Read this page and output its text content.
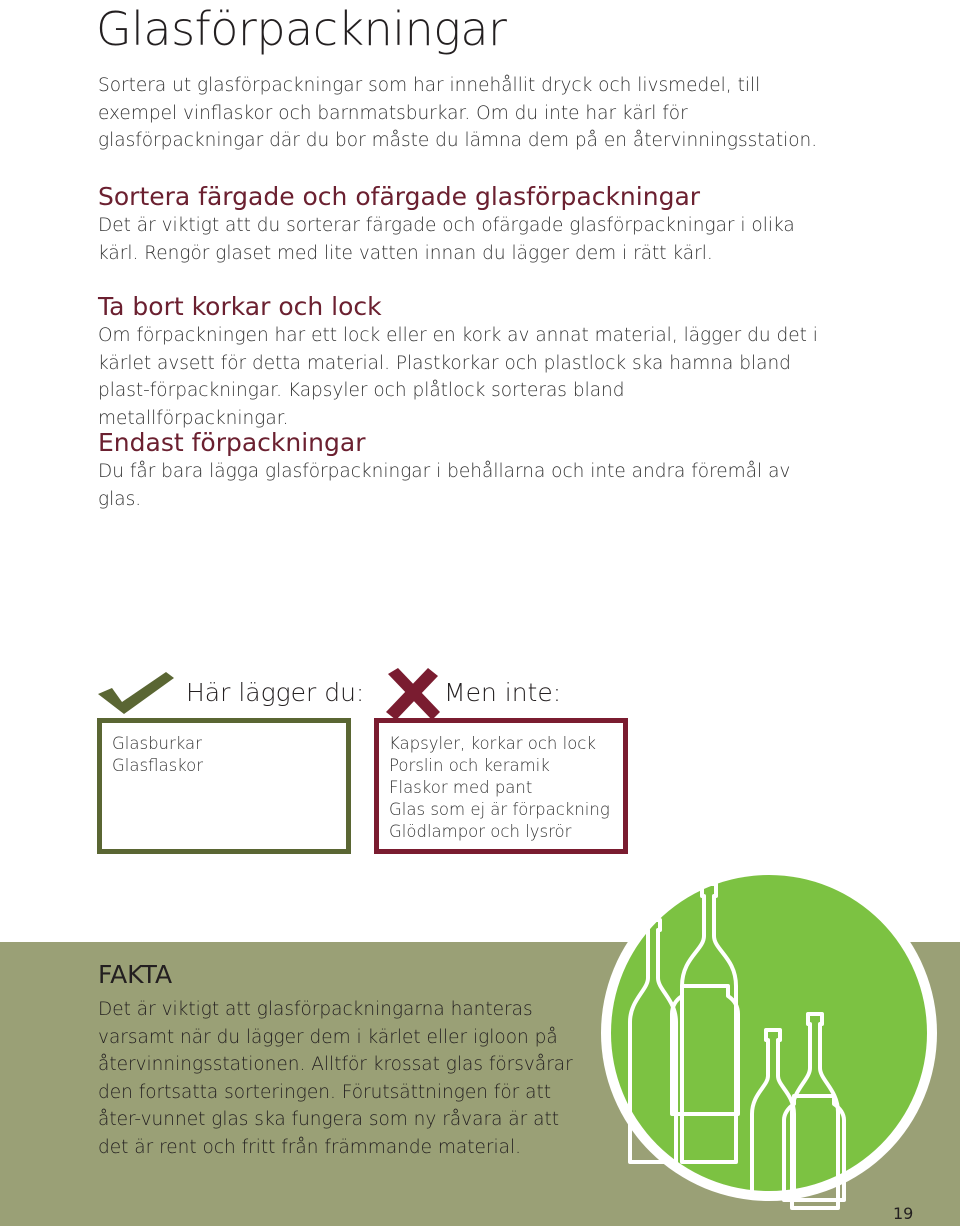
Glasförpackningar

Sortera ut glasförpackningar som har innehållit dryck och livsmedel, till exempel vinflaskor och barnmatsburkar. Om du inte har kärl för glasförpackningar där du bor måste du lämna dem på en återvinningsstation.

Sortera färgade och ofärgade glasförpackningar

Det är viktigt att du sorterar färgade och ofärgade glasförpackningar i olika kärl. Rengör glaset med lite vatten innan du lägger dem i rätt kärl.

Ta bort korkar och lock

Om förpackningen har ett lock eller en kork av annat material, lägger du det i kärlet avsett för detta material. Plastkorkar och plastlock ska hamna bland plast-förpackningar. Kapsyler och plåtlock sorteras bland metallförpackningar.

Endast förpackningar

Du får bara lägga glasförpackningar i behållarna och inte andra föremål av glas.

Här lägger du:

Glasburkar
Glasflaskor

Men inte:

Kapsyler, korkar och lock
Porslin och keramik
Flaskor med pant
Glas som ej är förpackning
Glödlampor och lysrör
FAKTA

Det är viktigt att glasförpackningarna hanteras varsamt när du lägger dem i kärlet eller igloon på återvinningsstationen. Alltför krossat glas försvårar den fortsatta sorteringen. Förutsättningen för att åter-vunnet glas ska fungera som ny råvara är att det är rent och fritt från främmande material.

19
